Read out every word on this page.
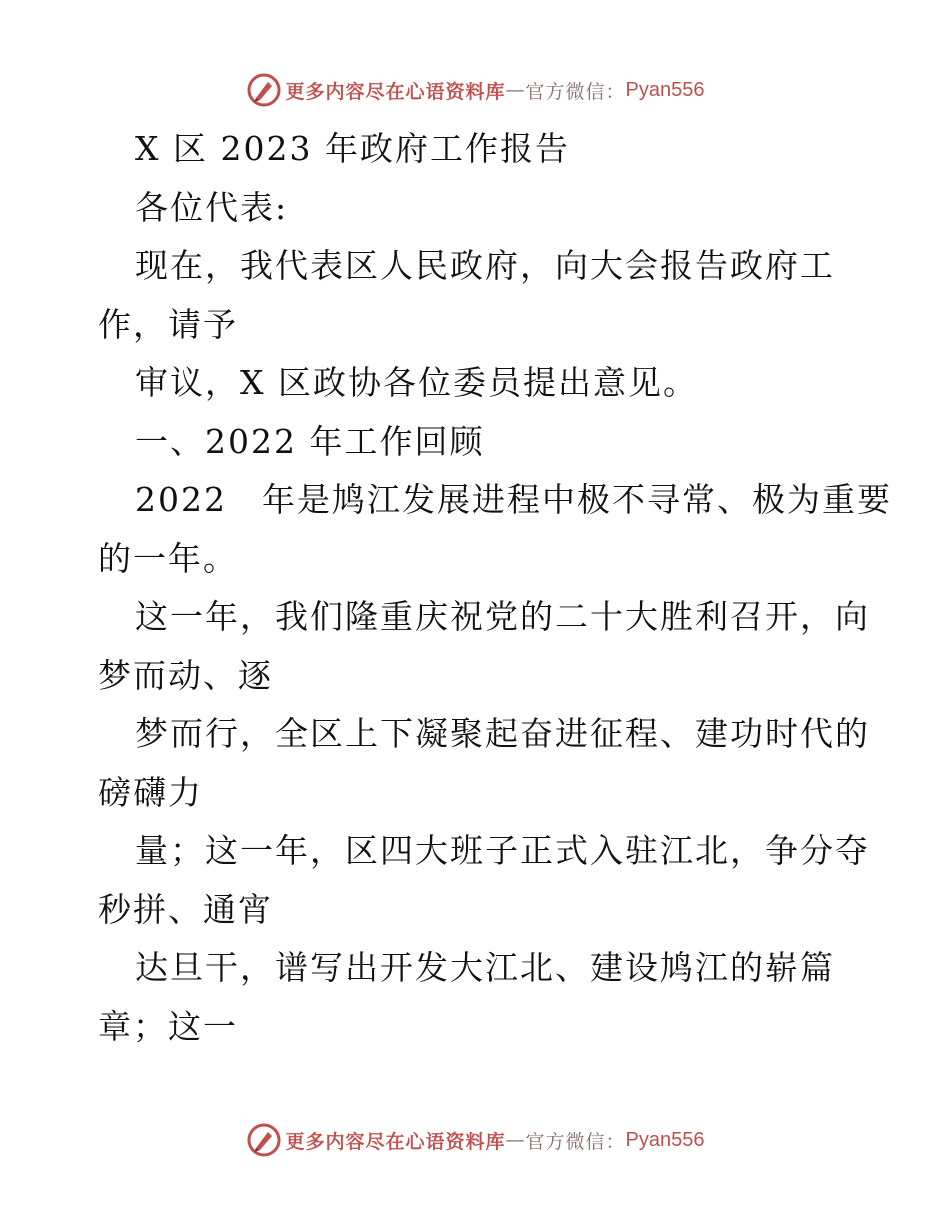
更多内容尽在心语资料库 — 官方微信： Pyan556
X 区 2023 年政府工作报告
各位代表:
现在，我代表区人民政府，向大会报告政府工
作，请予
审议，X 区政协各位委员提出意见。
一、2022 年工作回顾
2022　年是鸠江发展进程中极不寻常、极为重要
的一年。
这一年，我们隆重庆祝党的二十大胜利召开，向
梦而动、逐
梦而行，全区上下凝聚起奋进征程、建功时代的
磅礴力
量；这一年，区四大班子正式入驻江北，争分夺
秒拼、通宵
达旦干，谱写出开发大江北、建设鸠江的崭篇
章；这一
更多内容尽在心语资料库 — 官方微信： Pyan556
